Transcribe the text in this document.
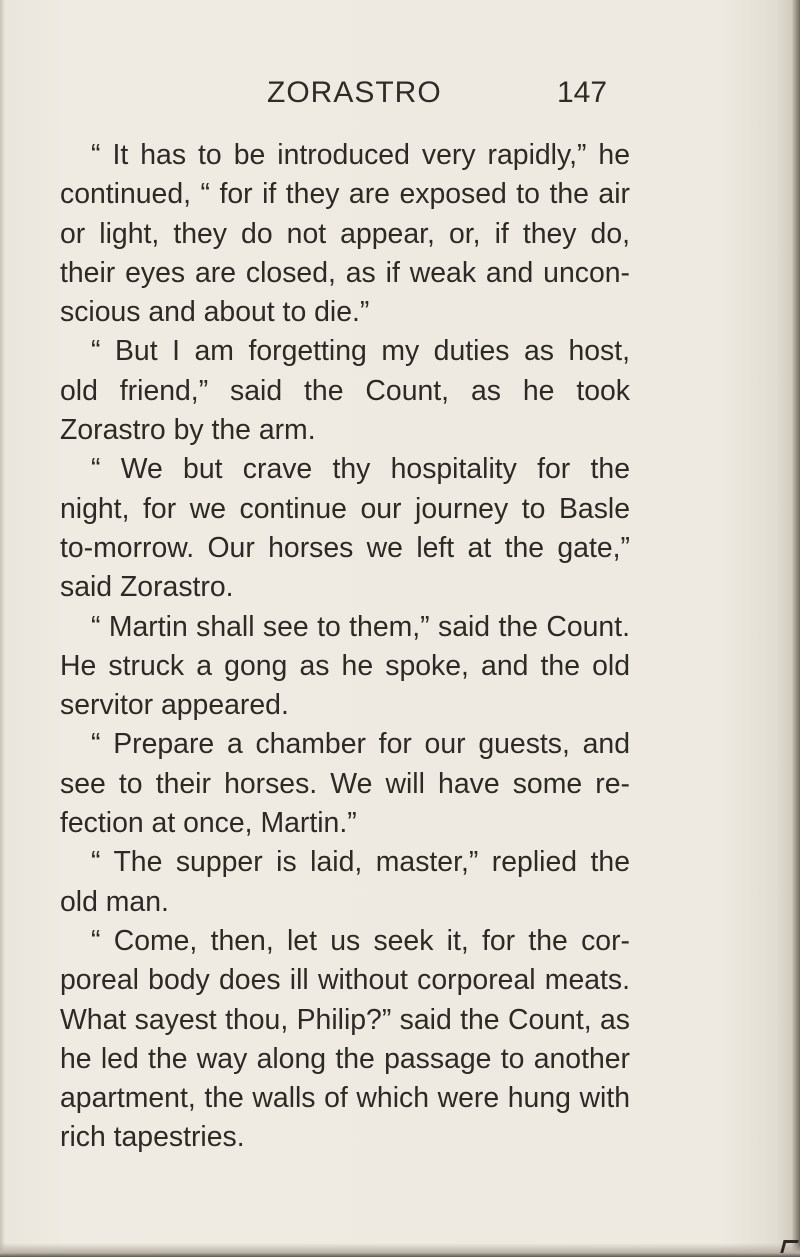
ZORASTRO	147
“ It has to be introduced very rapidly,” he
continued, “ for if they are exposed to the air
or light, they do not appear, or, if they do,
their eyes are closed, as if weak and uncon-
scious and about to die.”
“ But I am forgetting my duties as host,
old friend,” said the Count, as he took
Zorastro by the arm.
“ We but crave thy hospitality for the
night, for we continue our journey to Basle
to-morrow. Our horses we left at the gate,”
said Zorastro.
“ Martin shall see to them,” said the Count.
He struck a gong as he spoke, and the old
servitor appeared.
“ Prepare a chamber for our guests, and
see to their horses. We will have some re-
fection at once, Martin.”
“ The supper is laid, master,” replied the
old man.
“ Come, then, let us seek it, for the cor-
poreal body does ill without corporeal meats.
What sayest thou, Philip?” said the Count, as
he led the way along the passage to another
apartment, the walls of which were hung with
rich tapestries.
